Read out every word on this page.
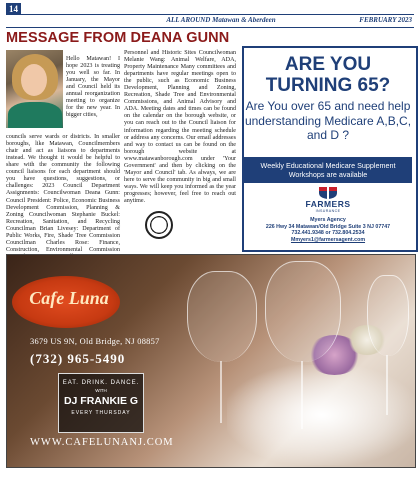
14
ALL AROUND Matawan & Aberdeen	FEBRUARY 2023
MESSAGE FROM DEANA GUNN

Hello Matawan! I hope 2023 is treating you well so far. In January, the Mayor and Council held its annual reorganization meeting to organize for the new year. In bigger cities,

councils serve wards or districts. In smaller boroughs, like Matawan, Councilmembers chair and act as liaisons to departments instead. We thought it would be helpful to share with the community the following council liaisons for each department should you have questions, suggestions, or challenges: 2023 Council Department Assignments: Councilwoman Deana Gunn: Council President: Police, Economic Business Development Commission, Planning & Zoning Councilwoman Stephanie Buckel: Recreation, Sanitation, and Recycling Councilman Brian Livesey: Department of Public Works, Fire, Shade Tree Commission Councilman Charles Rose: Finance, Construction, Environmental Commission

Personnel and Historic Sites Councilwoman Melanie Wang: Animal Welfare, ADA, Property Maintenance Many committees and departments have regular meetings open to the public, such as Economic Business Development, Planning and Zoning, Recreation, Shade Tree and Environmental Commissions, and Animal Advisory and ADA. Meeting dates and times can be found on the calendar on the borough website, or you can reach out to the Council liaison for information regarding the meeting schedule or address any concerns. Our email addresses and way to contact us can be found on the borough website at www.matawanborough.com under 'Your Government' and then by clicking on the 'Mayor and Council' tab. As always, we are here to serve the community in big and small ways. We will keep you informed as the year progresses; however, feel free to reach out anytime.

ARE YOU TURNING 65?
Are You over 65 and need help understanding Medicare A,B,C, and D ?
Weekly Educational Medicare Supplement Workshops are available
FARMERS
INSURANCE
Myers Agency
226 Hwy 34 Matawan/Old Bridge Suite 3 NJ 07747
732.441.9348 or 732.804.2534
Mmyers1@farmersagent.com
Cafe Luna
3679 US 9N, Old Bridge, NJ 08857
(732) 965-5490
EAT. DRINK. DANCE.
WITH
DJ FRANKIE G
EVERY THURSDAY
WWW.CAFELUNANJ.COM
